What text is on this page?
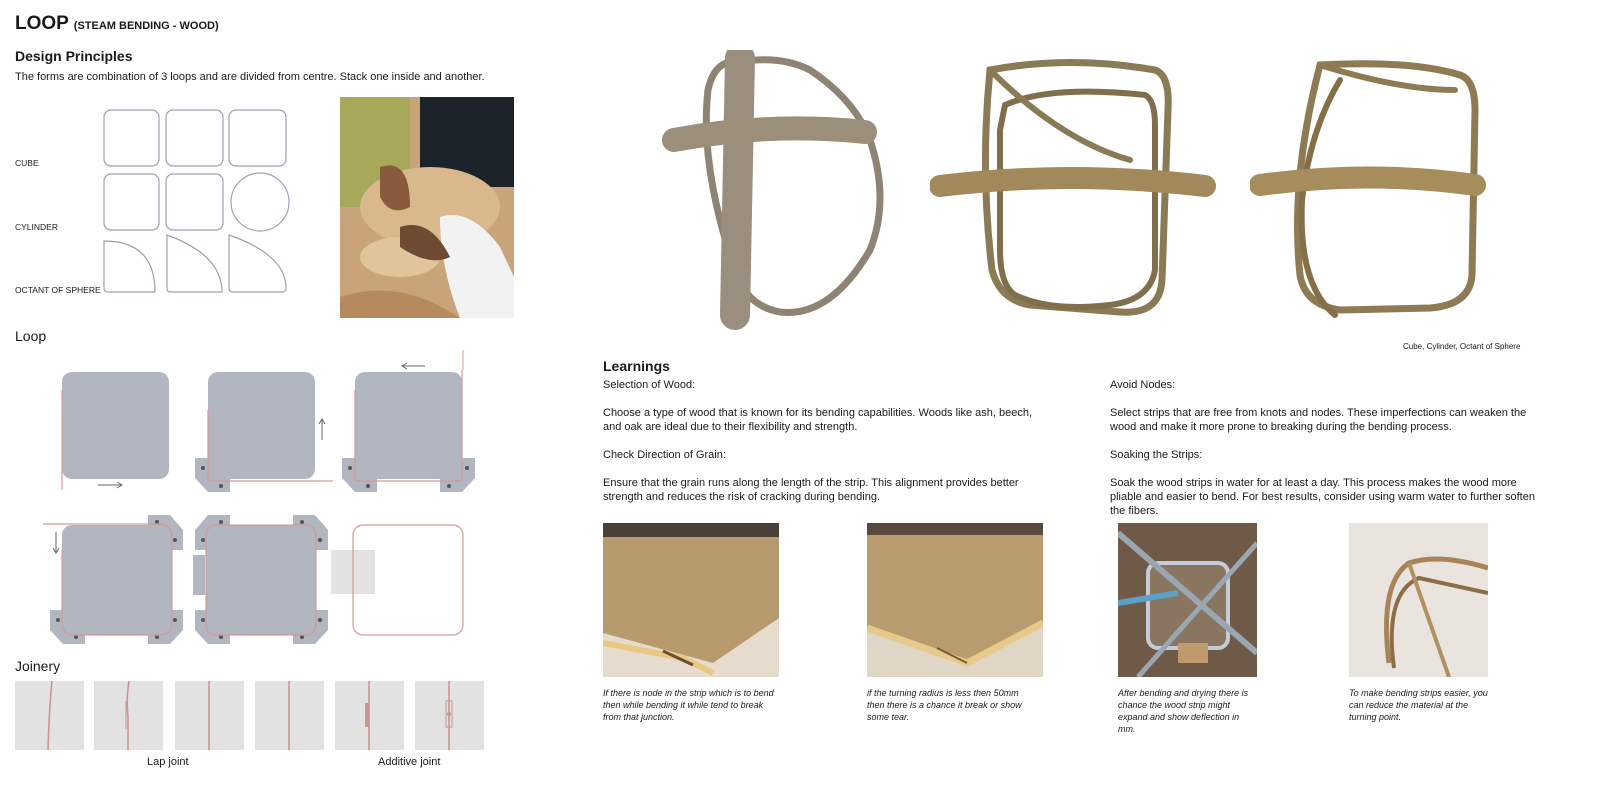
LOOP (STEAM BENDING - WOOD)
Design Principles
The forms are combination of 3 loops and are divided from centre. Stack one inside and another.
CUBE
CYLINDER
OCTANT OF SPHERE
Loop
Joinery
Lap joint	Additive joint
Cube, Cylinder, Octant of Sphere
Learnings
Selection of Wood:
Choose a type of wood that is known for its bending capabilities. Woods like ash, beech, and oak are ideal due to their flexibility and strength.
Check Direction of Grain:
Ensure that the grain runs along the length of the strip. This alignment provides better strength and reduces the risk of cracking during bending.
Avoid Nodes:
Select strips that are free from knots and nodes. These imperfections can weaken the wood and make it more prone to breaking during the bending process.
Soaking the Strips:
Soak the wood strips in water for at least a day. This process makes the wood more pliable and easier to bend. For best results, consider using warm water to further soften the fibers.
If there is node in the strip which is to bend then while bending it while tend to break from that junction.
if the turning radius is less then 50mm then there is a chance it break or show some tear.
After bending and drying there is chance the wood strip might expand and show deflection in mm.
To make bending strips easier, you can reduce the material at the turning point.
